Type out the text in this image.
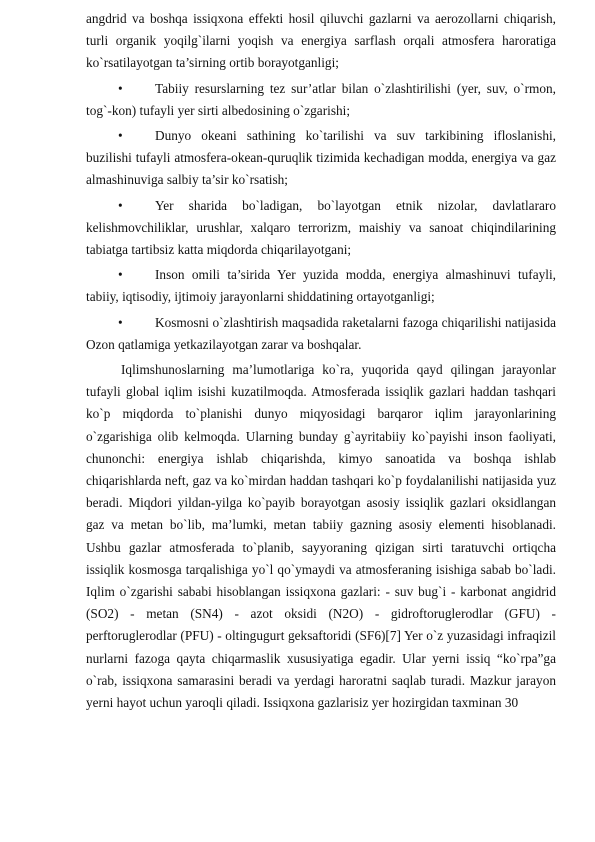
angdrid va boshqa issiqxona effekti hosil qiluvchi gazlarni va aerozollarni chiqarish, turli organik yoqilg`ilarni yoqish va energiya sarflash orqali atmosfera haroratiga ko`rsatilayotgan ta’sirning ortib borayotganligi;

• Tabiiy resurslarning tez sur’atlar bilan o`zlashtirilishi (yer, suv, o`rmon, tog`-kon) tufayli yer sirti albedosining o`zgarishi;

• Dunyo okeani sathining ko`tarilishi va suv tarkibining ifloslanishi, buzilishi tufayli atmosfera-okean-quruqlik tizimida kechadigan modda, energiya va gaz almashinuviga salbiy ta’sir ko`rsatish;

• Yer sharida bo`ladigan, bo`layotgan etnik nizolar, davlatlararo kelishmovchiliklar, urushlar, xalqaro terrorizm, maishiy va sanoat chiqindilarining tabiatga tartibsiz katta miqdorda chiqarilayotgani;

• Inson omili ta’sirida Yer yuzida modda, energiya almashinuvi tufayli, tabiiy, iqtisodiy, ijtimoiy jarayonlarni shiddatining ortayotganligi;

• Kosmosni o`zlashtirish maqsadida raketalarni fazoga chiqarilishi natijasida Ozon qatlamiga yetkazilayotgan zarar va boshqalar.

Iqlimshunoslarning ma’lumotlariga ko`ra, yuqorida qayd qilingan jarayonlar tufayli global iqlim isishi kuzatilmoqda. Atmosferada issiqlik gazlari haddan tashqari ko`p miqdorda to`planishi dunyo miqyosidagi barqaror iqlim jarayonlarining o`zgarishiga olib kelmoqda. Ularning bunday g`ayritabiiy ko`payishi inson faoliyati, chunonchi: energiya ishlab chiqarishda, kimyo sanoatida va boshqa ishlab chiqarishlarda neft, gaz va ko`mirdan haddan tashqari ko`p foydalanilishi natijasida yuz beradi. Miqdori yildan-yilga ko`payib borayotgan asosiy issiqlik gazlari oksidlangan gaz va metan bo`lib, ma’lumki, metan tabiiy gazning asosiy elementi hisoblanadi. Ushbu gazlar atmosferada to`planib, sayyoraning qizigan sirti taratuvchi ortiqcha issiqlik kosmosga tarqalishiga yo`l qo`ymaydi va atmosferaning isishiga sabab bo`ladi. Iqlim o`zgarishi sababi hisoblangan issiqxona gazlari: - suv bug`i - karbonat angidrid (SO2) - metan (SN4) - azot oksidi (N2O) - gidroftoruglerodlar (GFU) - perftoruglerodlar (PFU) - oltingugurt geksaftoridi (SF6)[7] Yer o`z yuzasidagi infraqizil nurlarni fazoga qayta chiqarmaslik xususiyatiga egadir. Ular yerni issiq “ko`rpa”ga o`rab, issiqxona samarasini beradi va yerdagi haroratni saqlab turadi. Mazkur jarayon yerni hayot uchun yaroqli qiladi. Issiqxona gazlarisiz yer hozirgidan taxminan 30
